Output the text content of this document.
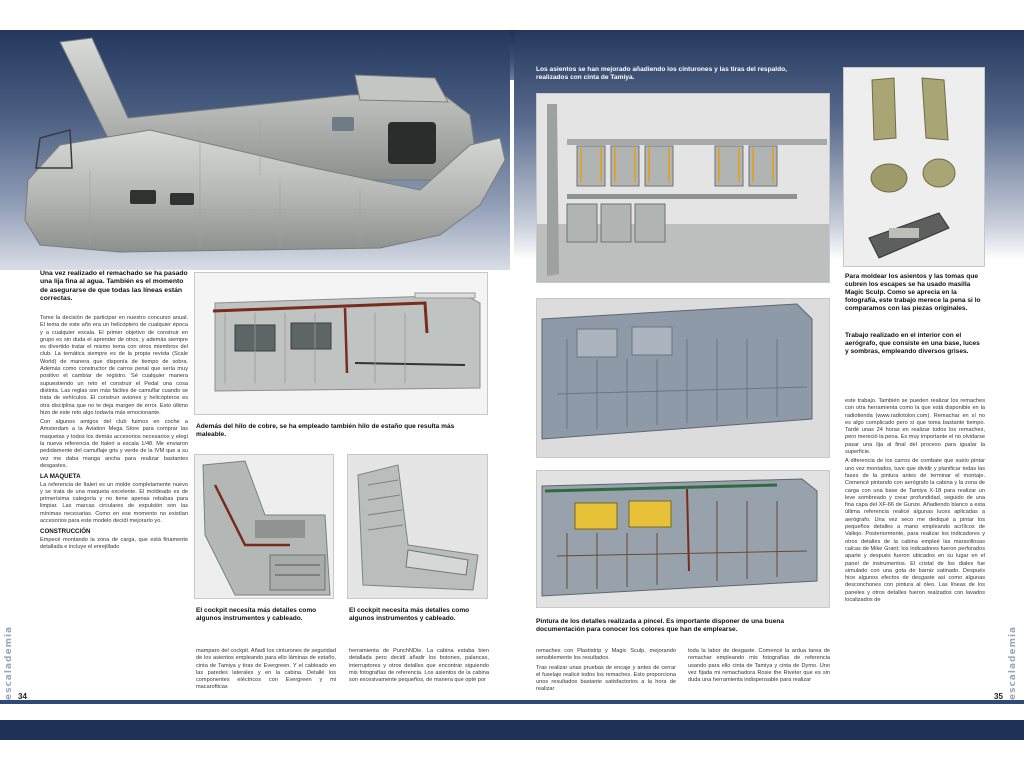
Una vez realizado el remachado se ha pasado una lija fina al agua. También es el momento de asegurarse de que todas las líneas están correctas.
Además del hilo de cobre, se ha empleado también hilo de estaño que resulta más maleable.
El cockpit necesita más detalles como algunos instrumentos y cableado.
El cockpit necesita más detalles como algunos instrumentos y cableado.

Tome la decisión de participar en nuestro concurso anual. El tema de este año era un helicóptero de cualquier época y a cualquier escala. El primer objetivo de construir en grupo es sin duda el aprender de otros, y además siempre es divertido tratar el mismo tema con otros miembros del club. La temática siempre es de la propia revista (Scale World) de manera que disponía de tiempo de sobra. Además como constructor de carros penal que sería muy positivo el cambiar de registro. Sé cualquier manera supuestiendo un reto el construir el Pedal una cosa distinta. Las reglas son más fáciles de camuflar cuando se trata de vehículos. El construir aviones y helicópteros es otra disciplina que no te deja margen de error. Esto último hizo de este reto algo todavía más emocionante.

Con algunos amigos del club fuimos en coche a Amsterdam a la Aviation Mega Store para comprar las maquetas y todos los demás accesorios necesarios y elegí la nueva referencia de Italeri a escala 1/48. Me enviaron pedidamente del camuflaje gris y verde de la IVM que a su vez me daba manga ancha para realizar bastantes desgastes.

LA MAQUETA

La referencia de Italeri es un molde completamente nuevo y se trata de una maqueta excelente. El moldeado es de primerísima categoría y no tiene apenas rebabas para limpiar. Las marcas circulares de expulsión son las mínimas necesarias. Como en ese momento no existían accesorios para este modelo decidí mejorarlo yo.

CONSTRUCCIÓN

Empecé montando la zona de carga, que está finamente detallada e incluye el enrejillado

mamparo del cockpit. Añadí los cinturones de seguridad de los asientos empleando para ello láminas de estaño, cinta de Tamiya y tiras de Evergreen. Y el cableado en las paredes laterales y en la cabina. Detallé los componentes eléctricos con Evergreen y mi macarofticas

herramienta de PunchNDie. La cabina estaba bien detallada pero decidí añadir los botones, palancas, interruptores y otros detalles que encontrar siguiendo mis fotografías de referencia. Los asientos de la cabina son excesivamente pequeños, de manera que opté por

Los asientos se han mejorado añadiendo los cinturones y las tiras del respaldo, realizados con cinta de Tamiya.
Para moldear los asientos y las tomas que cubren los escapes se ha usado masilla Magic Sculp. Como se aprecia en la fotografía, este trabajo merece la pena si lo comparamos con las piezas originales.
Trabajo realizado en el interior con el aerógrafo, que consiste en una base, luces y sombras, empleando diversos grises.
Pintura de los detalles realizada a pincel. Es importante disponer de una buena documentación para conocer los colores que han de emplearse.

remaches con Plastistrip y Magic Sculp, mejorando sensiblemente los resultados.

Tras realizar unas pruebas de encaje y antes de cerrar el fuselaje realicé todos los remaches. Esto proporciona unos resultados bastante satisfactorios a la hora de realizar

toda la labor de desgaste. Comencé la ardua tarea de remachar empleando mis fotografías de referencia usando para ello cinta de Tamiya y cinta de Dymo. Uno vez fijada mi remachadora Rosie the Riveter que es sin duda una herramienta indispensable para realizar

este trabajo. También se pueden realizar los remaches con otra herramienta como la que está disponible en la radiotienda (www.radiotolon.com). Remachar en sí no es algo complicado pero sí que toma bastante tiempo. Tardé unas 24 horas en realizar todos los remaches, pero mereció la pena. Es muy importante el no olvidarse pasar una lija al final del proceso para igualar la superficie.

A diferencia de los carros de combate que suelo pintar uno vez montados, tuve que dividir y planificar todas las fases de la pintura antes de terminar el montaje. Comencé pintando con aerógrafo la cabina y la zona de carga con una base de Tamiya X-18 para realizar un leve sombreado y crear profundidad, seguido de una fina capa del XF-66 de Gunze. Añadiendo blanco a esta última referencia realicé algunas luces aplicadas a aerógrafo. Una vez seco me dediqué a pintar los pequeños detalles a mano empleando acrílicos de Vallejo. Posteriormente, para realizar los indicadores y otros detalles de la cabina empleé las maravillosas calcas de Mike Grant; los indicadores fueron perforados aparte y después fueron ubicados en su lugar en el panel de instrumentos. El cristal de los diales fue simulado con una gota de barniz satinado. Después hice algunos efectos de desgaste así como algunas desconchones con pintura al óleo. Las líneas de los paneles y otros detalles fueron realzados con lavados localizados de

escalademia	escalademia
34	35
